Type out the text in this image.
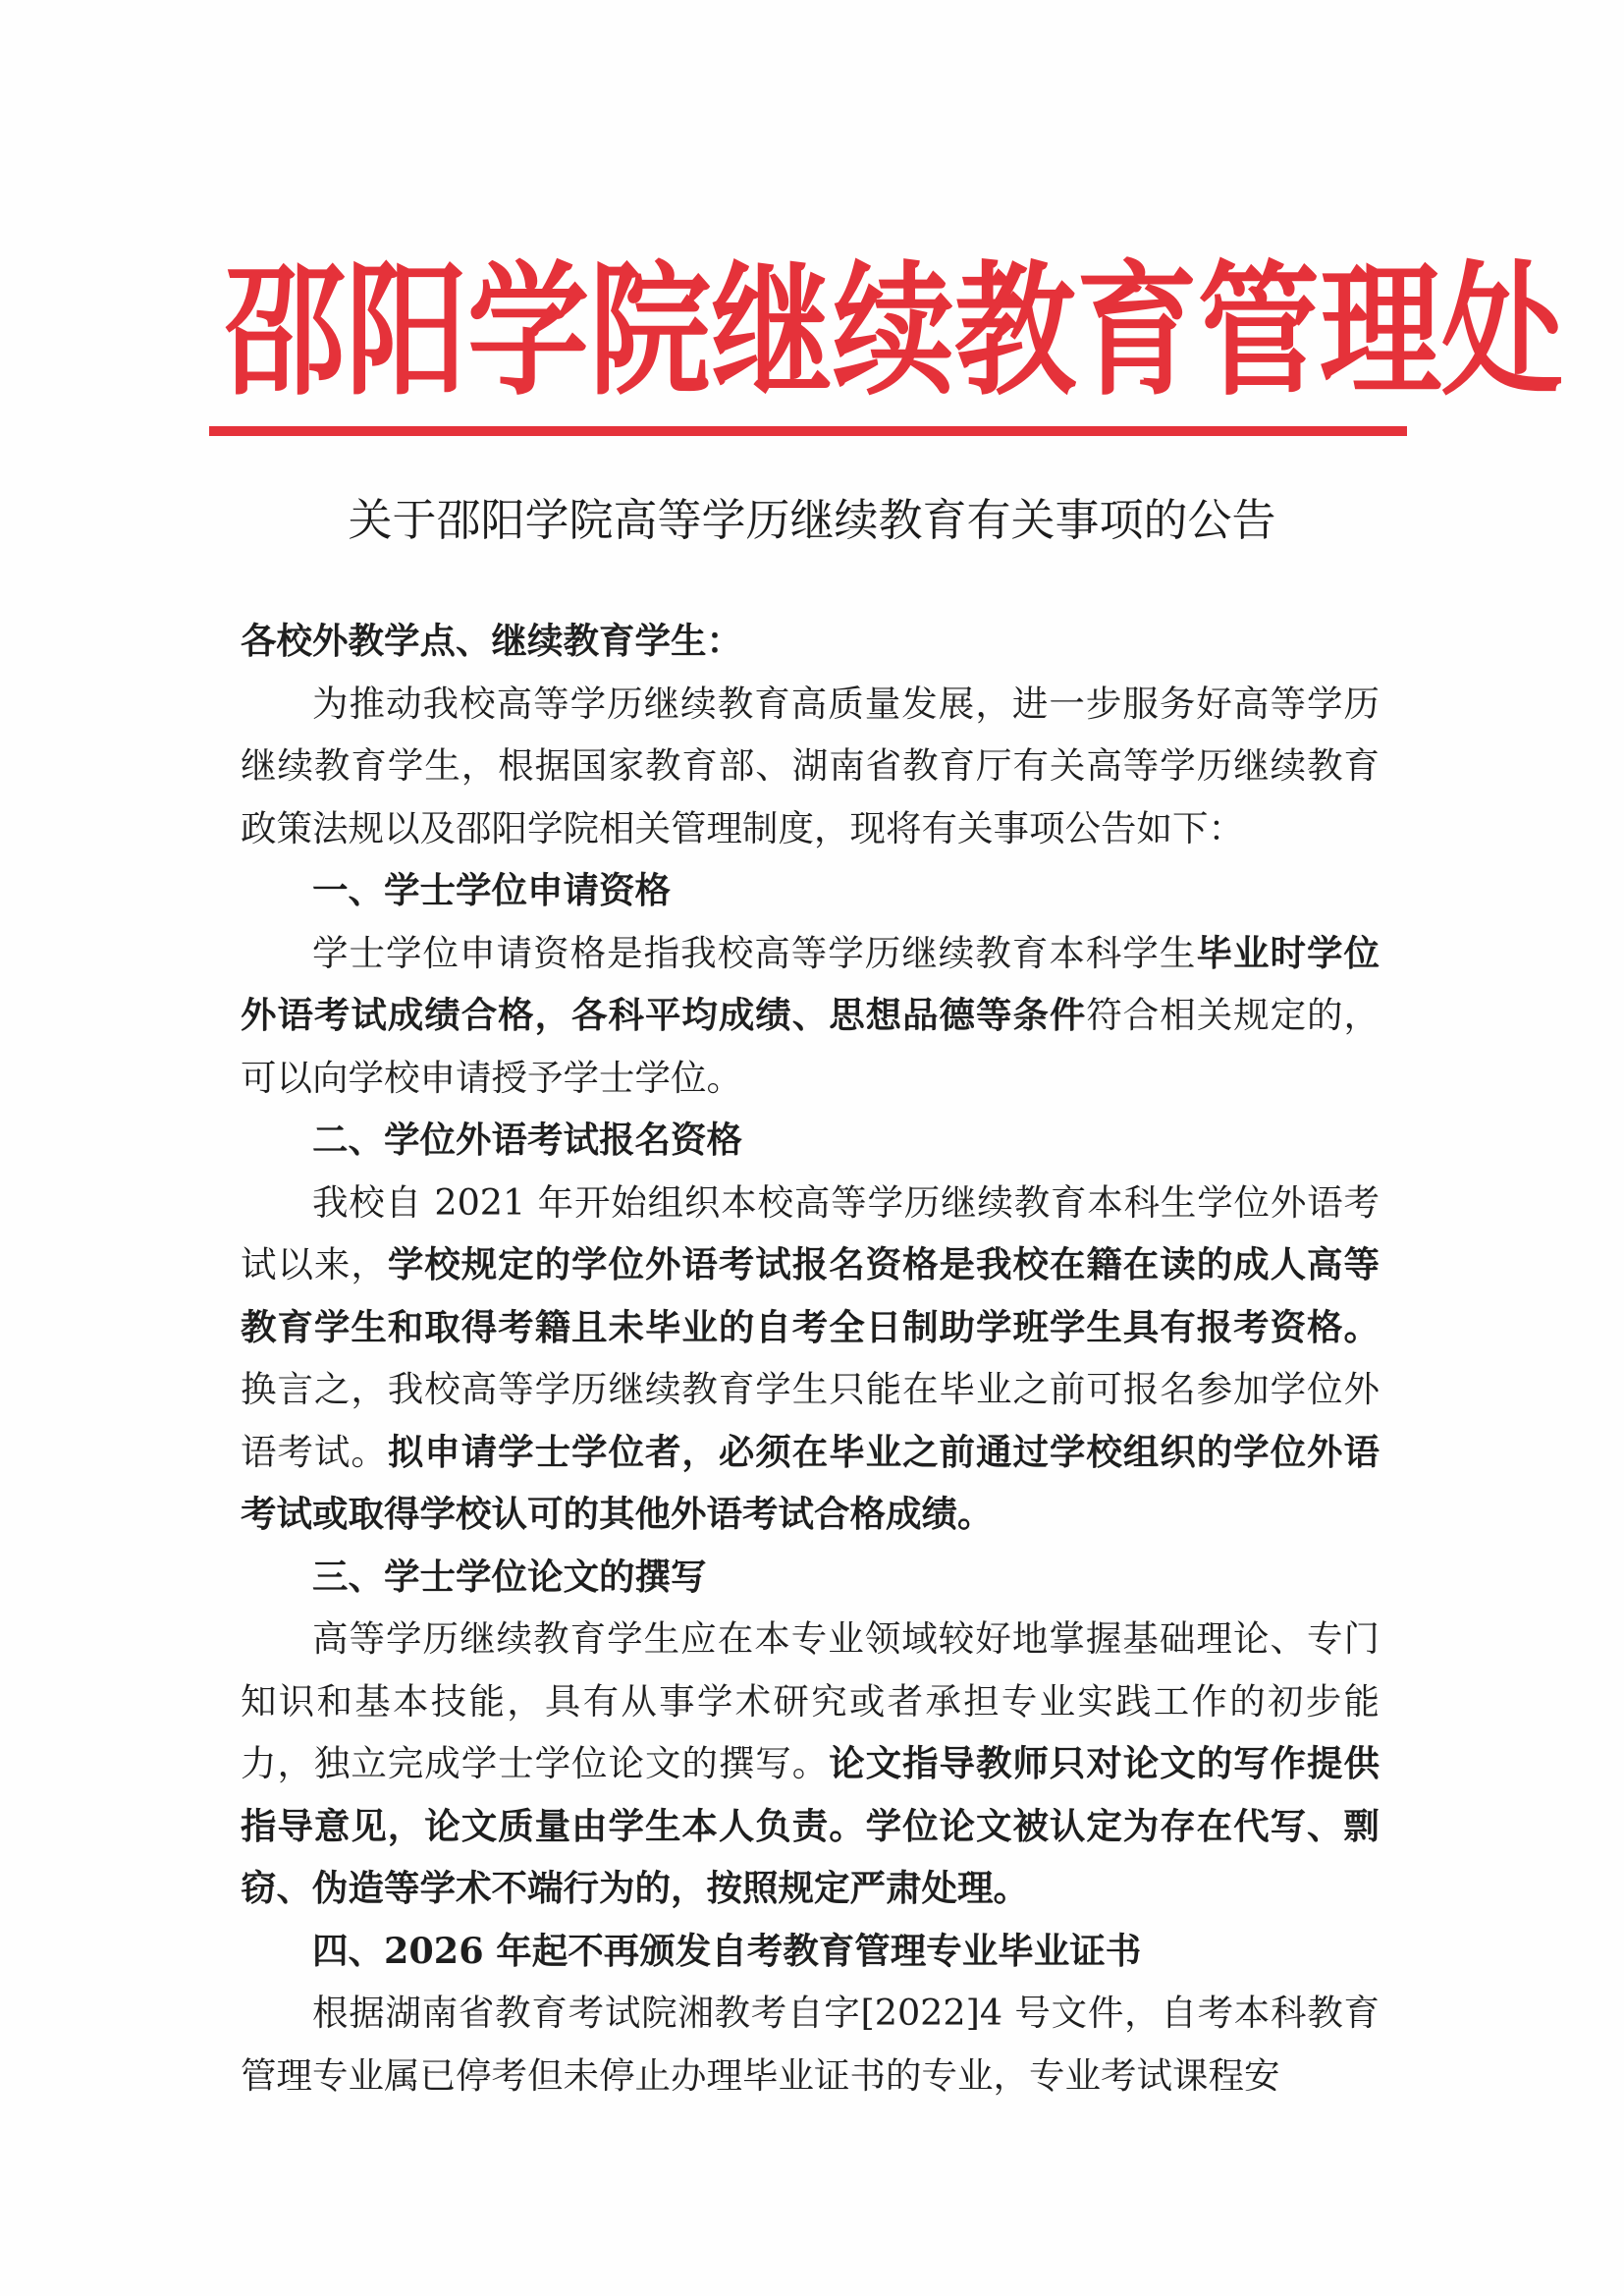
邵阳学院继续教育管理处
关于邵阳学院高等学历继续教育有关事项的公告

各校外教学点、继续教育学生：

为推动我校高等学历继续教育高质量发展，进一步服务好高等学历继续教育学生，根据国家教育部、湖南省教育厅有关高等学历继续教育政策法规以及邵阳学院相关管理制度，现将有关事项公告如下：

一、学士学位申请资格

学士学位申请资格是指我校高等学历继续教育本科学生毕业时学位外语考试成绩合格，各科平均成绩、思想品德等条件符合相关规定的，可以向学校申请授予学士学位。

二、学位外语考试报名资格

我校自 2021 年开始组织本校高等学历继续教育本科生学位外语考试以来，学校规定的学位外语考试报名资格是我校在籍在读的成人高等教育学生和取得考籍且未毕业的自考全日制助学班学生具有报考资格。换言之，我校高等学历继续教育学生只能在毕业之前可报名参加学位外语考试。拟申请学士学位者，必须在毕业之前通过学校组织的学位外语考试或取得学校认可的其他外语考试合格成绩。

三、学士学位论文的撰写

高等学历继续教育学生应在本专业领域较好地掌握基础理论、专门知识和基本技能，具有从事学术研究或者承担专业实践工作的初步能力，独立完成学士学位论文的撰写。论文指导教师只对论文的写作提供指导意见，论文质量由学生本人负责。学位论文被认定为存在代写、剽窃、伪造等学术不端行为的，按照规定严肃处理。

四、2026 年起不再颁发自考教育管理专业毕业证书

根据湖南省教育考试院湘教考自字[2022]4 号文件，自考本科教育管理专业属已停考但未停止办理毕业证书的专业，专业考试课程安
